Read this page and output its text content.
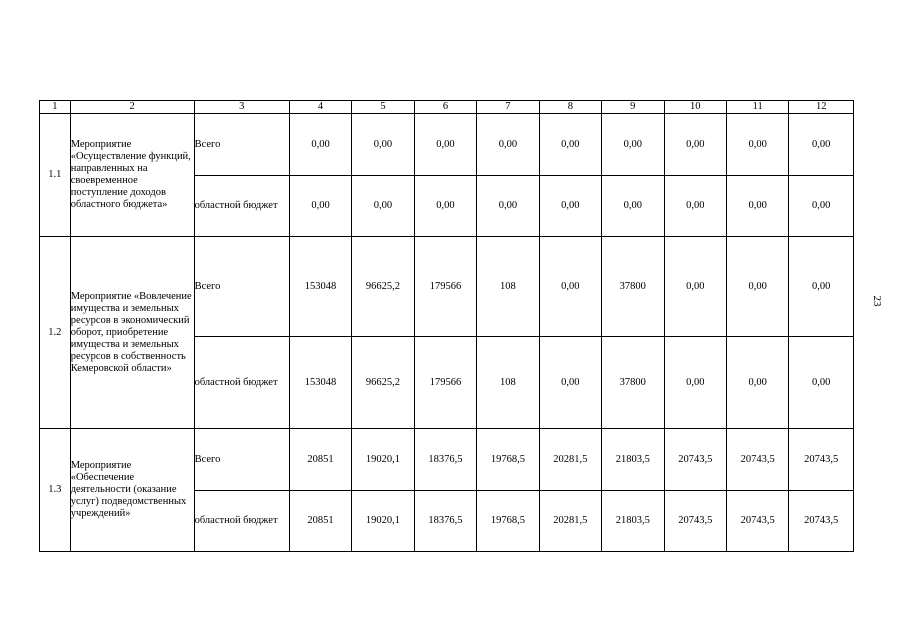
1	2	3	4	5	6	7	8	9	10	11	12
1.1	Мероприятие «Осуществление функций, направленных на своевременное поступление доходов областного бюджета»	Всего	0,00	0,00	0,00	0,00	0,00	0,00	0,00	0,00	0,00
		областной бюджет	0,00	0,00	0,00	0,00	0,00	0,00	0,00	0,00	0,00
1.2	Мероприятие «Вовлечение имущества и земельных ресурсов в экономический оборот, приобретение имущества и земельных ресурсов в собственность Кемеровской области»	Всего	153048	96625,2	179566	108	0,00	37800	0,00	0,00	0,00
		областной бюджет	153048	96625,2	179566	108	0,00	37800	0,00	0,00	0,00
1.3	Мероприятие «Обеспечение деятельности (оказание услуг) подведомственных учреждений»	Всего	20851	19020,1	18376,5	19768,5	20281,5	21803,5	20743,5	20743,5	20743,5
		областной бюджет	20851	19020,1	18376,5	19768,5	20281,5	21803,5	20743,5	20743,5	20743,5
23
